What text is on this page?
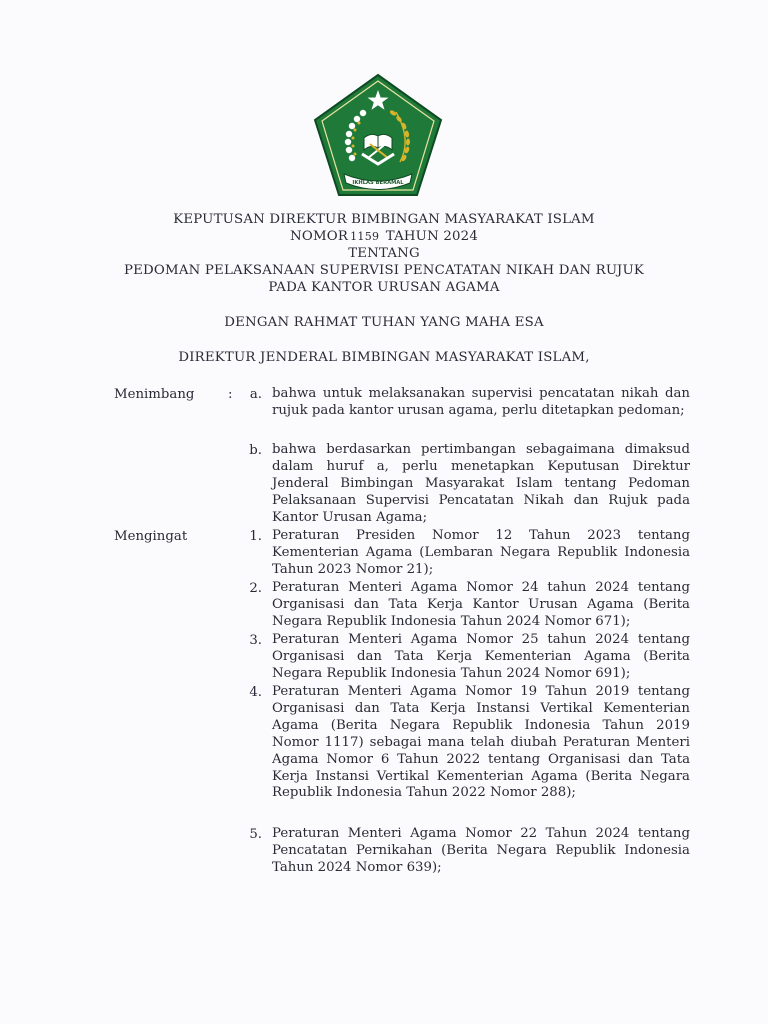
IKHLAS BERAMAL
KEPUTUSAN DIREKTUR BIMBINGAN MASYARAKAT ISLAM
NOMOR 1159 TAHUN 2024
TENTANG
PEDOMAN PELAKSANAAN SUPERVISI PENCATATAN NIKAH DAN RUJUK
PADA KANTOR URUSAN AGAMA
DENGAN RAHMAT TUHAN YANG MAHA ESA
DIREKTUR JENDERAL BIMBINGAN MASYARAKAT ISLAM,
Menimbang	:	a. bahwa untuk melaksanakan supervisi pencatatan nikah dan rujuk pada kantor urusan agama, perlu ditetapkan pedoman;
b. bahwa berdasarkan pertimbangan sebagaimana dimaksud dalam huruf a, perlu menetapkan Keputusan Direktur Jenderal Bimbingan Masyarakat Islam tentang Pedoman Pelaksanaan Supervisi Pencatatan Nikah dan Rujuk pada Kantor Urusan Agama;
Mengingat	1. Peraturan Presiden Nomor 12 Tahun 2023 tentang Kementerian Agama (Lembaran Negara Republik Indonesia Tahun 2023 Nomor 21);
2. Peraturan Menteri Agama Nomor 24 tahun 2024 tentang Organisasi dan Tata Kerja Kantor Urusan Agama (Berita Negara Republik Indonesia Tahun 2024 Nomor 671);
3. Peraturan Menteri Agama Nomor 25 tahun 2024 tentang Organisasi dan Tata Kerja Kementerian Agama (Berita Negara Republik Indonesia Tahun 2024 Nomor 691);
4. Peraturan Menteri Agama Nomor 19 Tahun 2019 tentang Organisasi dan Tata Kerja Instansi Vertikal Kementerian Agama (Berita Negara Republik Indonesia Tahun 2019 Nomor 1117) sebagai mana telah diubah Peraturan Menteri Agama Nomor 6 Tahun 2022 tentang Organisasi dan Tata Kerja Instansi Vertikal Kementerian Agama (Berita Negara Republik Indonesia Tahun 2022 Nomor 288);
5. Peraturan Menteri Agama Nomor 22 Tahun 2024 tentang Pencatatan Pernikahan (Berita Negara Republik Indonesia Tahun 2024 Nomor 639);
